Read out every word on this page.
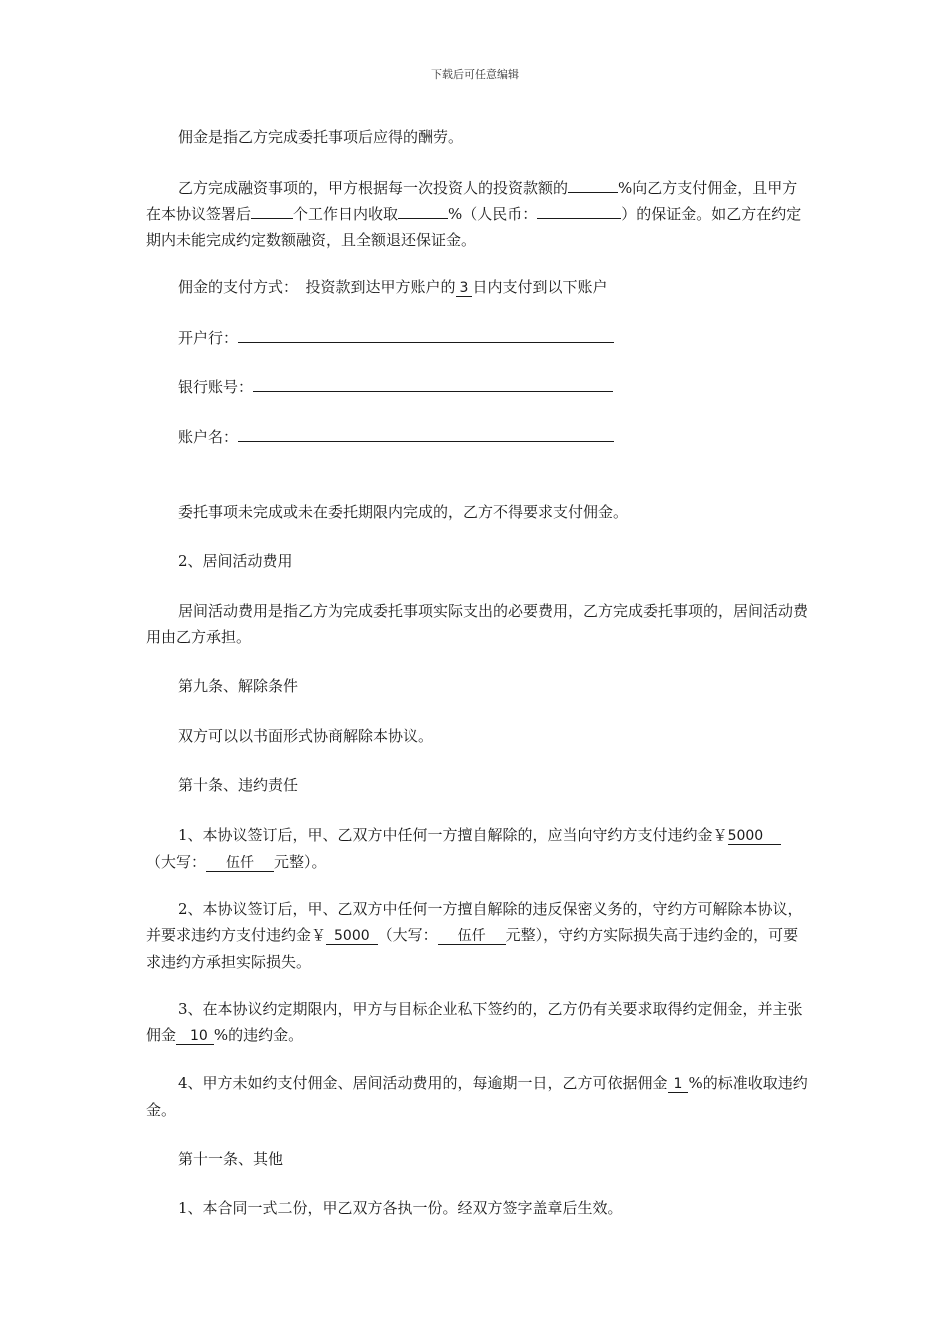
下载后可任意编辑

佣金是指乙方完成委托事项后应得的酬劳。

乙方完成融资事项的，甲方根据每一次投资人的投资款额的	%向乙方支付佣金，且甲方在本协议签署后	个工作日内收取	%（人民币：	）的保证金。如乙方在约定期内未能完成约定数额融资，且全额退还保证金。

佣金的支付方式：　投资款到达甲方账户的 3 日内支付到以下账户

开户行：

银行账号：

账户名：

委托事项未完成或未在委托期限内完成的，乙方不得要求支付佣金。

2、居间活动费用

居间活动费用是指乙方为完成委托事项实际支出的必要费用，乙方完成委托事项的，居间活动费用由乙方承担。

第九条、解除条件

双方可以以书面形式协商解除本协议。

第十条、违约责任

1、本协议签订后，甲、乙双方中任何一方擅自解除的，应当向守约方支付违约金￥5000（大写： 伍仟 元整）。

2、本协议签订后，甲、乙双方中任何一方擅自解除的违反保密义务的，守约方可解除本协议，并要求违约方支付违约金￥ 5000 （大写： 伍仟 元整），守约方实际损失高于违约金的，可要求违约方承担实际损失。

3、在本协议约定期限内，甲方与目标企业私下签约的，乙方仍有关要求取得约定佣金，并主张佣金 10 %的违约金。

4、甲方未如约支付佣金、居间活动费用的，每逾期一日，乙方可依据佣金 1 %的标准收取违约金。

第十一条、其他

1、本合同一式二份，甲乙双方各执一份。经双方签字盖章后生效。
